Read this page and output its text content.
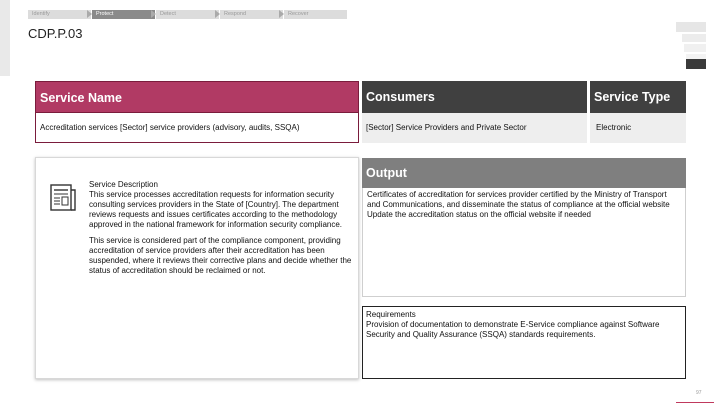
Identify	Protect	Detect	Respond	Recover
CDP.P.03
Service Name	Consumers	Service Type
Accreditation services [Sector] service providers (advisory, audits, SSQA)	[Sector] Service Providers and Private Sector	Electronic
Service Description

This service processes accreditation requests for information security consulting services providers in the State of [Country]. The department reviews requests and issues certificates according to the methodology approved in the national framework for information security compliance.

This service is considered part of the compliance component, providing accreditation of service providers after their accreditation has been suspended, where it reviews their corrective plans and decide whether the status of accreditation should be reclaimed or not.

Output
Certificates of accreditation for services provider certified by the Ministry of Transport and Communications, and disseminate the status of compliance at the official website
Update the accreditation status on the official website if needed
Requirements
Provision of documentation to demonstrate E-Service compliance against Software Security and Quality Assurance (SSQA) standards requirements.
97
